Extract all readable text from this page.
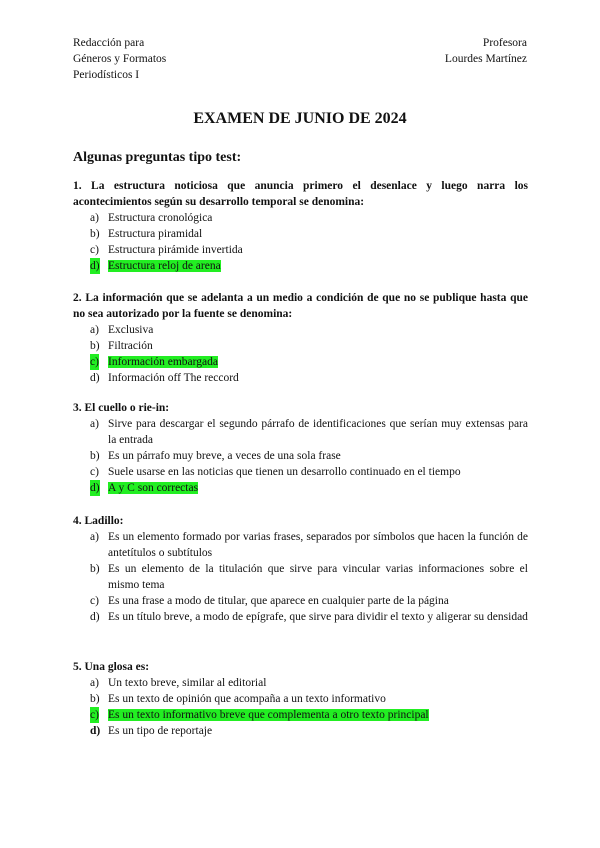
Redacción para
Géneros y Formatos
Periodísticos I
Profesora
Lourdes Martínez
EXAMEN DE JUNIO DE 2024
Algunas preguntas tipo test:
1. La estructura noticiosa que anuncia primero el desenlace y luego narra los acontecimientos según su desarrollo temporal se denomina:
a) Estructura cronológica
b) Estructura piramidal
c) Estructura pirámide invertida
d) Estructura reloj de arena
2. La información que se adelanta a un medio a condición de que no se publique hasta que no sea autorizado por la fuente se denomina:
a) Exclusiva
b) Filtración
c) Información embargada
d) Información off The reccord
3. El cuello o rie-in:
a) Sirve para descargar el segundo párrafo de identificaciones que serían muy extensas para la entrada
b) Es un párrafo muy breve, a veces de una sola frase
c) Suele usarse en las noticias que tienen un desarrollo continuado en el tiempo
d) A y C son correctas
4. Ladillo:
a) Es un elemento formado por varias frases, separados por símbolos que hacen la función de antetítulos o subtítulos
b) Es un elemento de la titulación que sirve para vincular varias informaciones sobre el mismo tema
c) Es una frase a modo de titular, que aparece en cualquier parte de la página
d) Es un título breve, a modo de epígrafe, que sirve para dividir el texto y aligerar su densidad
5. Una glosa es:
a) Un texto breve, similar al editorial
b) Es un texto de opinión que acompaña a un texto informativo
c) Es un texto informativo breve que complementa a otro texto principal
d) Es un tipo de reportaje
